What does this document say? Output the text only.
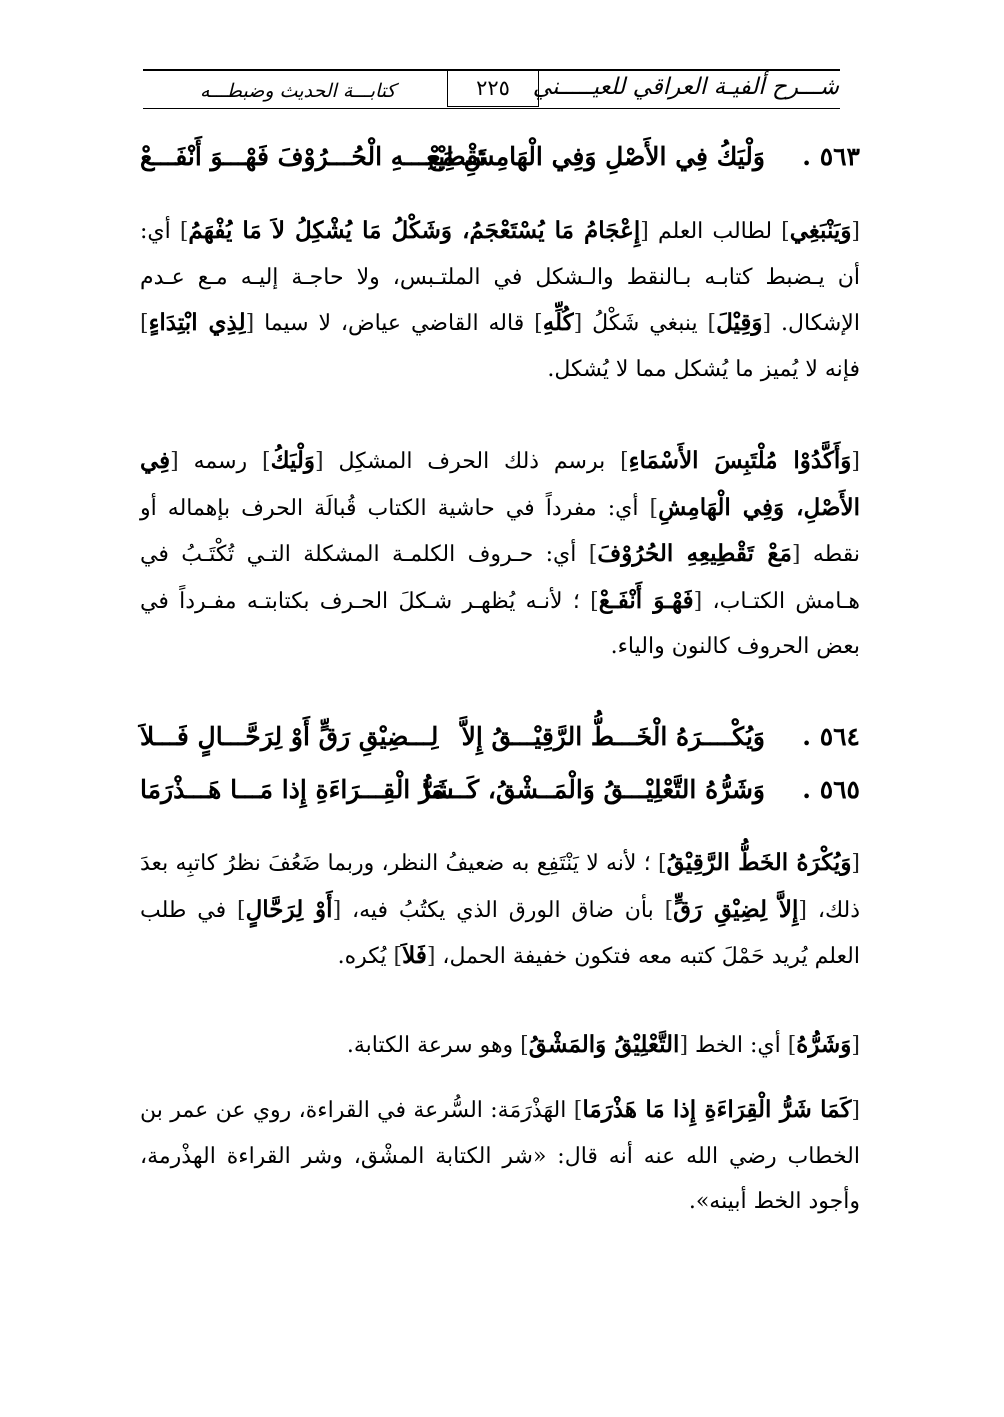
شـــرح ألفيـة العراقي للعيـــــني
٢٢٥
كتابـــة الحديث وضبطـــه
٥٦٣ .
وَلْيَكُ فِي الأَصْلِ وَفِي الْهَامِشِ مَعْ
تَقْطِيْعِـــهِ الْحُـــرُوْفَ فَهْـــوَ أَنْفَـــعْ
[وَيَنْبَغِي] لطالب العلم [إِعْجَامُ مَا يُسْتَعْجَمُ، وَشَكْلُ مَا يُشْكِلُ لاَ مَا يُفْهَمُ] أي: أن يـضبط كتابـه بـالنقط والـشكل في الملتـبس، ولا حاجـة إليـه مـع عـدم الإشكال. [وَقِيْلَ] ينبغي شَكْلُ [كُلِّهِ] قاله القاضي عياض، لا سيما [لِذِي ابْتِدَاءٍ] فإنه لا يُميز ما يُشكل مما لا يُشكل.
[وَأَكَّدُوْا مُلْتَبِسَ الأَسْمَاءِ] برسم ذلك الحرف المشكِل [وَلْيَكُ] رسمه [فِي الأَصْلِ، وَفِي الْهَامِشِ] أي: مفرداً في حاشية الكتاب قُبالَة الحرف بإهماله أو نقطه [مَعْ تَقْطِيعِهِ الحُرُوْفَ] أي: حـروف الكلمـة المشكلة التـي تُكْتَـبُ في هـامش الكتـاب، [فَهْـوَ أَنْفَـعْ] ؛ لأنـه يُظهـر شـكلَ الحـرف بكتابتـه مفـرداً في بعض الحروف كالنون والياء.
٥٦٤ .
وَيُكْــــرَهُ الْخَـــطُّ الرَّقِيْـــقُ إِلاَّ
لِـــضِيْقِ رَقٍّ أَوْ لِرَحَّـــالٍ فَـــلاَ
٥٦٥ .
وَشَرُّهُ التَّعْلِيْـــقُ وَالْمَــشْقُ، كَـــمَا
شَرُّ الْقِـــرَاءَةِ إِذا مَـــا هَـــذْرَمَا
[وَيُكْرَهُ الخَطُّ الرَّقِيْقُ] ؛ لأنه لا يَنْتَفِع به ضعيفُ النظر، وربما ضَعُفَ نظرُ كاتبِه بعدَ ذلك، [إِلاَّ لِضِيْقِ رَقٍّ] بأن ضاق الورق الذي يكتُبُ فيه، [أَوْ لِرَحَّالٍ] في طلب العلم يُريد حَمْلَ كتبه معه فتكون خفيفة الحمل، [فَلاَ] يُكره.
[وَشَرُّهُ] أي: الخط [التَّعْلِيْقُ وَالمَشْقُ] وهو سرعة الكتابة.
[كَمَا شَرُّ الْقِرَاءَةِ إِذا مَا هَذْرَمَا] الهَذْرَمَة: السُّرعة في القراءة، روي عن عمر بن الخطاب رضي الله عنه أنه قال: «شر الكتابة المشْق، وشر القراءة الهذْرمة، وأجود الخط أبينه».
